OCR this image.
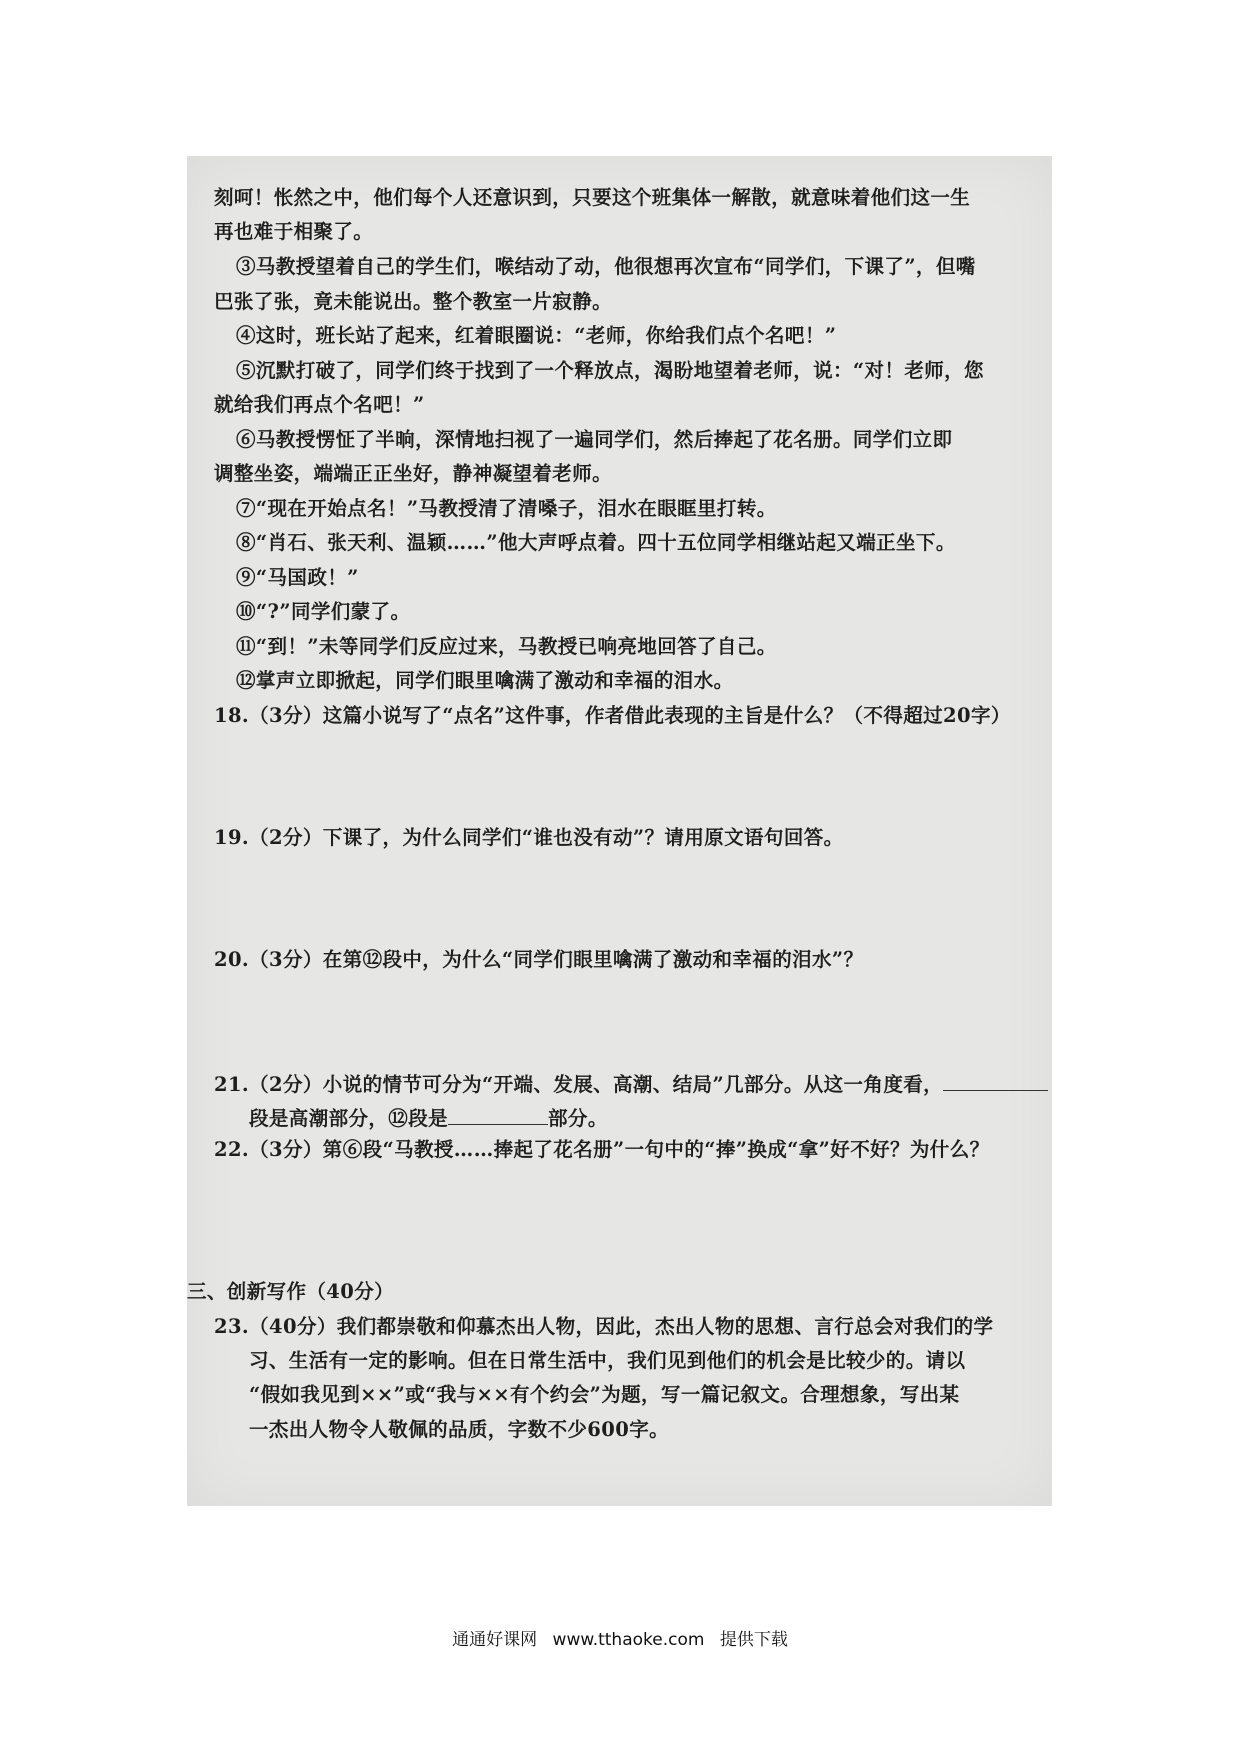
刻呵！怅然之中，他们每个人还意识到，只要这个班集体一解散，就意味着他们这一生
再也难于相聚了。
③马教授望着自己的学生们，喉结动了动，他很想再次宣布“同学们，下课了”，但嘴
巴张了张，竟未能说出。整个教室一片寂静。
④这时，班长站了起来，红着眼圈说：“老师，你给我们点个名吧！”
⑤沉默打破了，同学们终于找到了一个释放点，渴盼地望着老师，说：“对！老师，您
就给我们再点个名吧！”
⑥马教授愣怔了半晌，深情地扫视了一遍同学们，然后捧起了花名册。同学们立即
调整坐姿，端端正正坐好，静神凝望着老师。
⑦“现在开始点名！”马教授清了清嗓子，泪水在眼眶里打转。
⑧“肖石、张天利、温颖……”他大声呼点着。四十五位同学相继站起又端正坐下。
⑨“马国政！”
⑩“?”同学们蒙了。
⑪“到！”未等同学们反应过来，马教授已响亮地回答了自己。
⑫掌声立即掀起，同学们眼里噙满了激动和幸福的泪水。
18.（3分）这篇小说写了“点名”这件事，作者借此表现的主旨是什么？（不得超过20字）
19.（2分）下课了，为什么同学们“谁也没有动”？请用原文语句回答。
20.（3分）在第⑫段中，为什么“同学们眼里噙满了激动和幸福的泪水”？
21.（2分）小说的情节可分为“开端、发展、高潮、结局”几部分。从这一角度看，
段是高潮部分，⑫段是	部分。
22.（3分）第⑥段“马教授……捧起了花名册”一句中的“捧”换成“拿”好不好？为什么？
三、创新写作（40分）
23.（40分）我们都崇敬和仰慕杰出人物，因此，杰出人物的思想、言行总会对我们的学
习、生活有一定的影响。但在日常生活中，我们见到他们的机会是比较少的。请以
“假如我见到××”或“我与××有个约会”为题，写一篇记叙文。合理想象，写出某
一杰出人物令人敬佩的品质，字数不少600字。
通通好课网 www.tthaoke.com 提供下载
